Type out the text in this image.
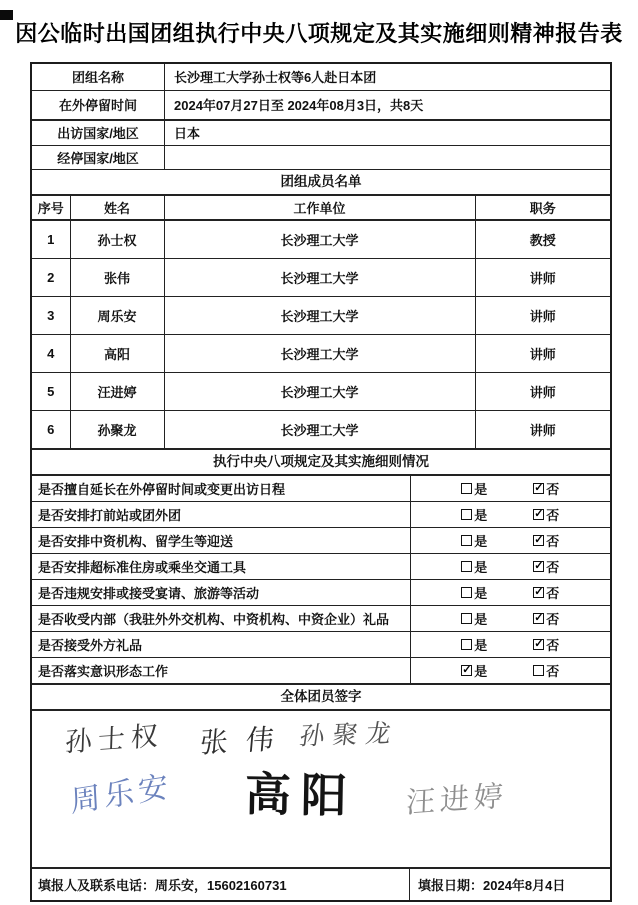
因公临时出国团组执行中央八项规定及其实施细则精神报告表
团组名称	长沙理工大学孙士权等6人赴日本团
在外停留时间	2024年07月27日至 2024年08月3日，共8天
出访国家/地区	日本
经停国家/地区	
团组成员名单
序号	姓名	工作单位	职务
1	孙士权	长沙理工大学	教授
2	张伟	长沙理工大学	讲师
3	周乐安	长沙理工大学	讲师
4	高阳	长沙理工大学	讲师
5	汪进婷	长沙理工大学	讲师
6	孙聚龙	长沙理工大学	讲师
执行中央八项规定及其实施细则情况
是否擅自延长在外停留时间或变更出访日程	是 ✓ 否

是否安排打前站或团外团	是 ✓ 否

是否安排中资机构、留学生等迎送	是 ✓ 否

是否安排超标准住房或乘坐交通工具	是 ✓ 否

是否违规安排或接受宴请、旅游等活动	是 ✓ 否

是否收受内部（我驻外外交机构、中资机构、中资企业）礼品	是 ✓ 否

是否接受外方礼品	是 ✓ 否

是否落实意识形态工作	✓ 是 否
全体团员签字
孙士权 张伟 孙聚龙
周乐安 高阳 汪进婷
填报人及联系电话： 周乐安，15602160731	填报日期： 2024年8月4日
